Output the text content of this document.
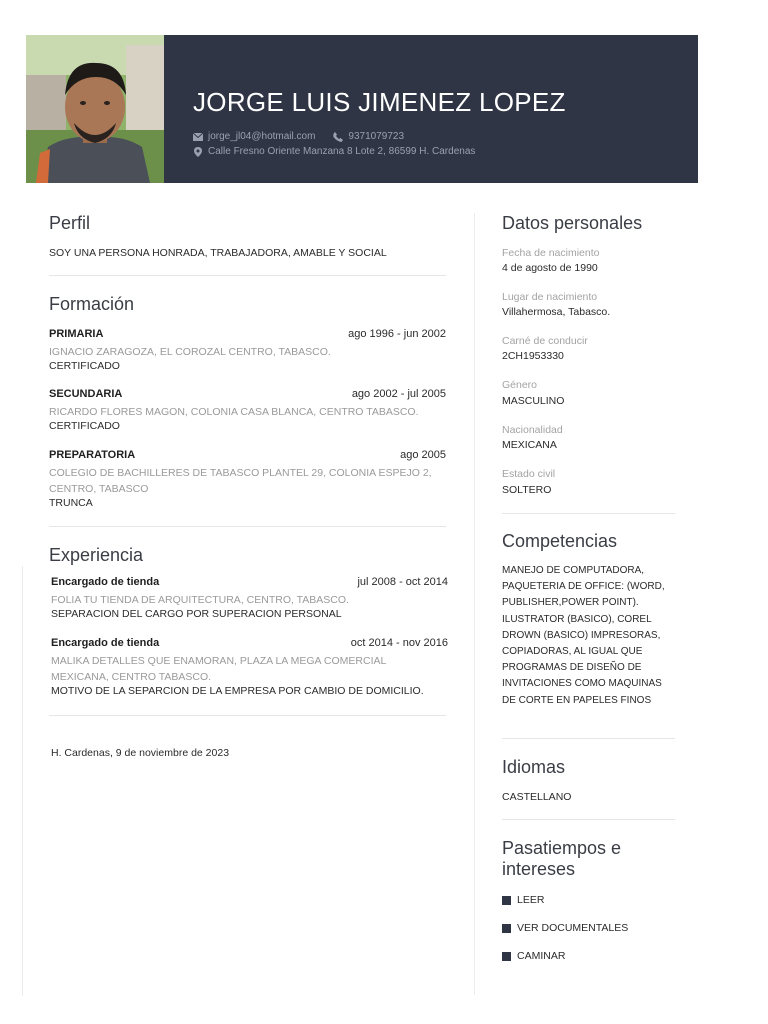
JORGE LUIS JIMENEZ LOPEZ
jorge_jl04@hotmail.com	9371079723
Calle Fresno Oriente Manzana 8 Lote 2, 86599 H. Cardenas
Perfil
SOY UNA PERSONA HONRADA, TRABAJADORA, AMABLE Y SOCIAL
Formación
PRIMARIA	ago 1996 - jun 2002
IGNACIO ZARAGOZA, EL COROZAL CENTRO, TABASCO.
CERTIFICADO
SECUNDARIA	ago 2002 - jul 2005
RICARDO FLORES MAGON, COLONIA CASA BLANCA, CENTRO TABASCO.
CERTIFICADO
PREPARATORIA	ago 2005
COLEGIO DE BACHILLERES DE TABASCO PLANTEL 29, COLONIA ESPEJO 2, CENTRO, TABASCO
TRUNCA
Experiencia
Encargado de tienda	jul 2008 - oct 2014
FOLIA TU TIENDA DE ARQUITECTURA, CENTRO, TABASCO.
SEPARACION DEL CARGO POR SUPERACION PERSONAL
Encargado de tienda	oct 2014 - nov 2016
MALIKA DETALLES QUE ENAMORAN, PLAZA LA MEGA COMERCIAL MEXICANA, CENTRO TABASCO.
MOTIVO DE LA SEPARCION DE LA EMPRESA POR CAMBIO DE DOMICILIO.
H. Cardenas, 9 de noviembre de 2023
Datos personales
Fecha de nacimiento
4 de agosto de 1990
Lugar de nacimiento
Villahermosa, Tabasco.
Carné de conducir
2CH1953330
Género
MASCULINO
Nacionalidad
MEXICANA
Estado civil
SOLTERO
Competencias
MANEJO DE COMPUTADORA, PAQUETERIA DE OFFICE: (WORD, PUBLISHER,POWER POINT). ILUSTRATOR (BASICO), COREL DROWN (BASICO) IMPRESORAS, COPIADORAS, AL IGUAL QUE PROGRAMAS DE DISEÑO DE INVITACIONES COMO MAQUINAS DE CORTE EN PAPELES FINOS
Idiomas
CASTELLANO
Pasatiempos e
intereses
LEER
VER DOCUMENTALES
CAMINAR
